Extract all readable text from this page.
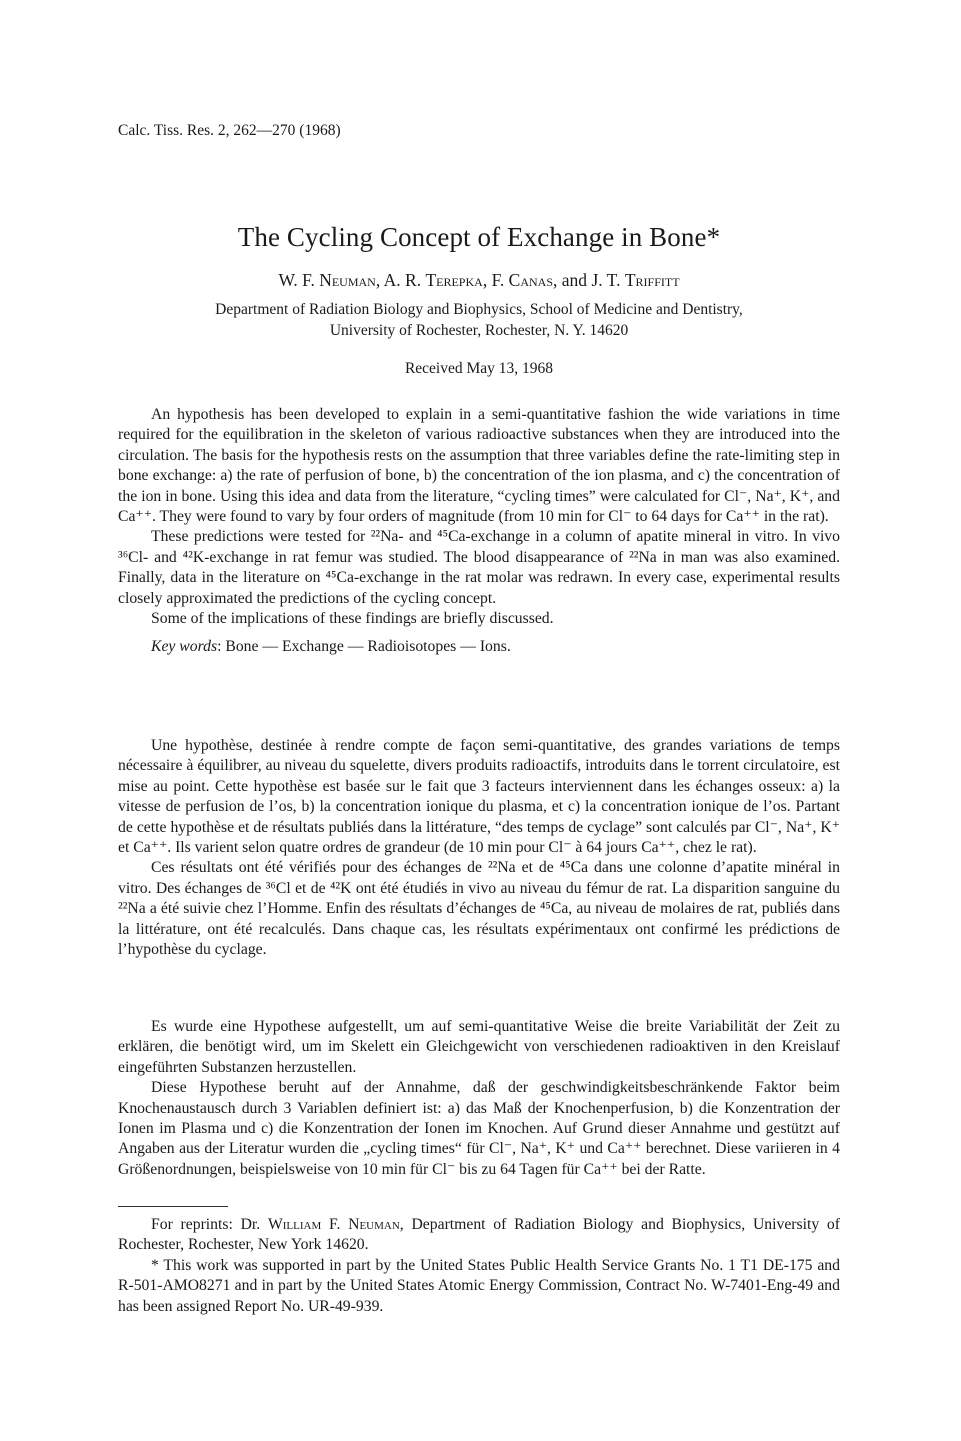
Calc. Tiss. Res. 2, 262—270 (1968)
The Cycling Concept of Exchange in Bone*
W. F. Neuman, A. R. Terepka, F. Canas, and J. T. Triffitt
Department of Radiation Biology and Biophysics, School of Medicine and Dentistry,
University of Rochester, Rochester, N. Y. 14620
Received May 13, 1968

An hypothesis has been developed to explain in a semi-quantitative fashion the wide variations in time required for the equilibration in the skeleton of various radioactive substances when they are introduced into the circulation. The basis for the hypothesis rests on the assumption that three variables define the rate-limiting step in bone exchange: a) the rate of perfusion of bone, b) the concentration of the ion plasma, and c) the concentration of the ion in bone. Using this idea and data from the literature, “cycling times” were calculated for Cl⁻, Na⁺, K⁺, and Ca⁺⁺. They were found to vary by four orders of magnitude (from 10 min for Cl⁻ to 64 days for Ca⁺⁺ in the rat).

These predictions were tested for ²²Na- and ⁴⁵Ca-exchange in a column of apatite mineral in vitro. In vivo ³⁶Cl- and ⁴²K-exchange in rat femur was studied. The blood disappearance of ²²Na in man was also examined. Finally, data in the literature on ⁴⁵Ca-exchange in the rat molar was redrawn. In every case, experimental results closely approximated the predictions of the cycling concept.

Some of the implications of these findings are briefly discussed.

Key words: Bone — Exchange — Radioisotopes — Ions.

Une hypothèse, destinée à rendre compte de façon semi-quantitative, des grandes variations de temps nécessaire à équilibrer, au niveau du squelette, divers produits radioactifs, introduits dans le torrent circulatoire, est mise au point. Cette hypothèse est basée sur le fait que 3 facteurs interviennent dans les échanges osseux: a) la vitesse de perfusion de l’os, b) la concentration ionique du plasma, et c) la concentration ionique de l’os. Partant de cette hypothèse et de résultats publiés dans la littérature, “des temps de cyclage” sont calculés par Cl⁻, Na⁺, K⁺ et Ca⁺⁺. Ils varient selon quatre ordres de grandeur (de 10 min pour Cl⁻ à 64 jours Ca⁺⁺, chez le rat).

Ces résultats ont été vérifiés pour des échanges de ²²Na et de ⁴⁵Ca dans une colonne d’apatite minéral in vitro. Des échanges de ³⁶Cl et de ⁴²K ont été étudiés in vivo au niveau du fémur de rat. La disparition sanguine du ²²Na a été suivie chez l’Homme. Enfin des résultats d’échanges de ⁴⁵Ca, au niveau de molaires de rat, publiés dans la littérature, ont été recalculés. Dans chaque cas, les résultats expérimentaux ont confirmé les prédictions de l’hypothèse du cyclage.

Es wurde eine Hypothese aufgestellt, um auf semi-quantitative Weise die breite Variabilität der Zeit zu erklären, die benötigt wird, um im Skelett ein Gleichgewicht von verschiedenen radioaktiven in den Kreislauf eingeführten Substanzen herzustellen.

Diese Hypothese beruht auf der Annahme, daß der geschwindigkeitsbeschränkende Faktor beim Knochenaustausch durch 3 Variablen definiert ist: a) das Maß der Knochenperfusion, b) die Konzentration der Ionen im Plasma und c) die Konzentration der Ionen im Knochen. Auf Grund dieser Annahme und gestützt auf Angaben aus der Literatur wurden die „cycling times“ für Cl⁻, Na⁺, K⁺ und Ca⁺⁺ berechnet. Diese variieren in 4 Größenordnungen, beispielsweise von 10 min für Cl⁻ bis zu 64 Tagen für Ca⁺⁺ bei der Ratte.

For reprints: Dr. William F. Neuman, Department of Radiation Biology and Biophysics, University of Rochester, Rochester, New York 14620.

* This work was supported in part by the United States Public Health Service Grants No. 1 T1 DE-175 and R-501-AMO8271 and in part by the United States Atomic Energy Commission, Contract No. W-7401-Eng-49 and has been assigned Report No. UR-49-939.
